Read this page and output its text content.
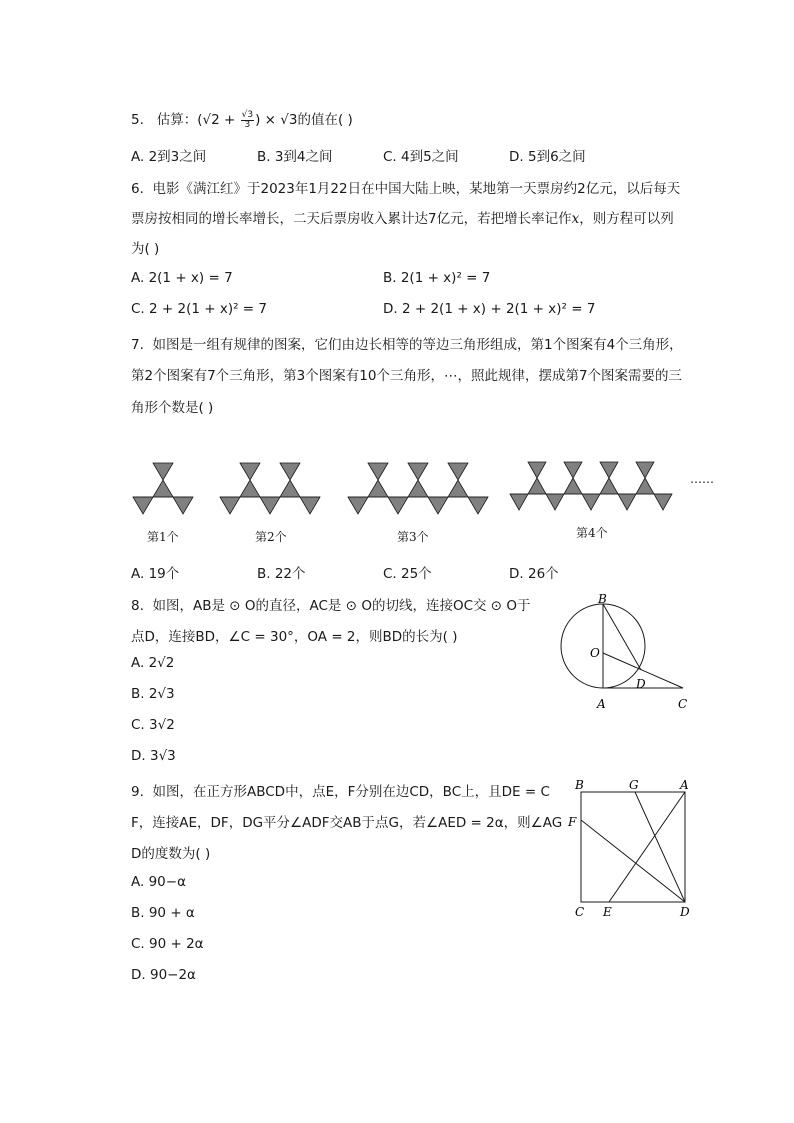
5. 估算：($√2 + \frac{√3}{3}$ ) × √3的值在( )
A. 2到3之间	B. 3到4之间	C. 4到5之间	D. 5到6之间
6. 电影《满江红》于2023年1月22日在中国大陆上映，某地第一天票房约2亿元，以后每天
票房按相同的增长率增长，二天后票房收入累计达7亿元，若把增长率记作x，则方程可以列
为( )
A. 2(1 + x) = 7	B. 2(1 + x)² = 7
C. 2 + 2(1 + x)² = 7	D. 2 + 2(1 + x) + 2(1 + x)² = 7
7. 如图是一组有规律的图案，它们由边长相等的等边三角形组成，第1个图案有4个三角形，
第2个图案有7个三角形，第3个图案有10个三角形，⋯，照此规律，摆成第7个图案需要的三
角形个数是( )
……
第1个	第2个	第3个	第4个
A. 19个	B. 22个	C. 25个	D. 26个
8. 如图，AB是 ⊙ O的直径，AC是 ⊙ O的切线，连接OC交 ⊙ O于
点D，连接BD，∠C = 30°，OA = 2，则BD的长为( )
A. 2√2
B. 2√3
C. 3√2
D. 3√3
B
O
D
A	C
9. 如图，在正方形ABCD中，点E，F分别在边CD，BC上，且DE = C
F，连接AE，DF，DG平分∠ADF交AB于点G，若∠AED = 2α，则∠AG
D的度数为( )
A. 90−α
B. 90 + α
C. 90 + 2α
D. 90−2α
B	G	A
F
C E	D
